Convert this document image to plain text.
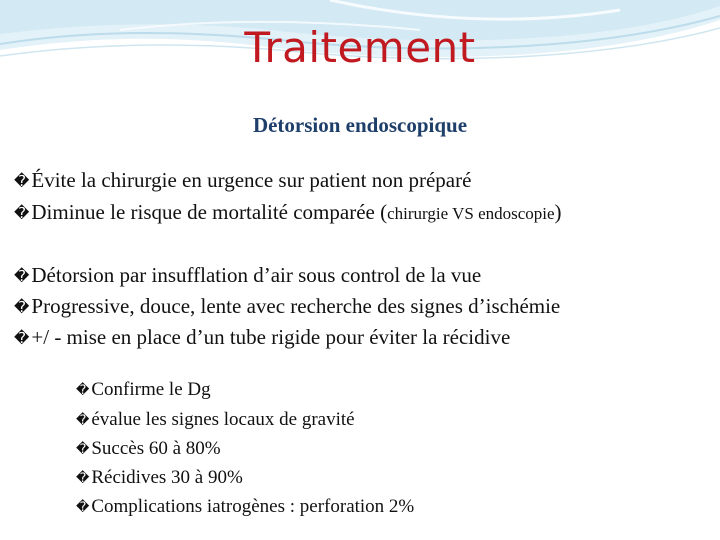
Traitement
Détorsion endoscopique
�Évite la chirurgie en urgence sur patient non préparé
�Diminue le risque de mortalité comparée (chirurgie VS endoscopie)
�Détorsion par insufflation d’air sous control de la vue
�Progressive, douce, lente avec recherche des signes d’ischémie
�+/ - mise en place d’un tube rigide pour éviter la récidive
� Confirme le Dg
� évalue les signes locaux de gravité
� Succès 60 à 80%
� Récidives 30 à 90%
� Complications iatrogènes : perforation 2%
